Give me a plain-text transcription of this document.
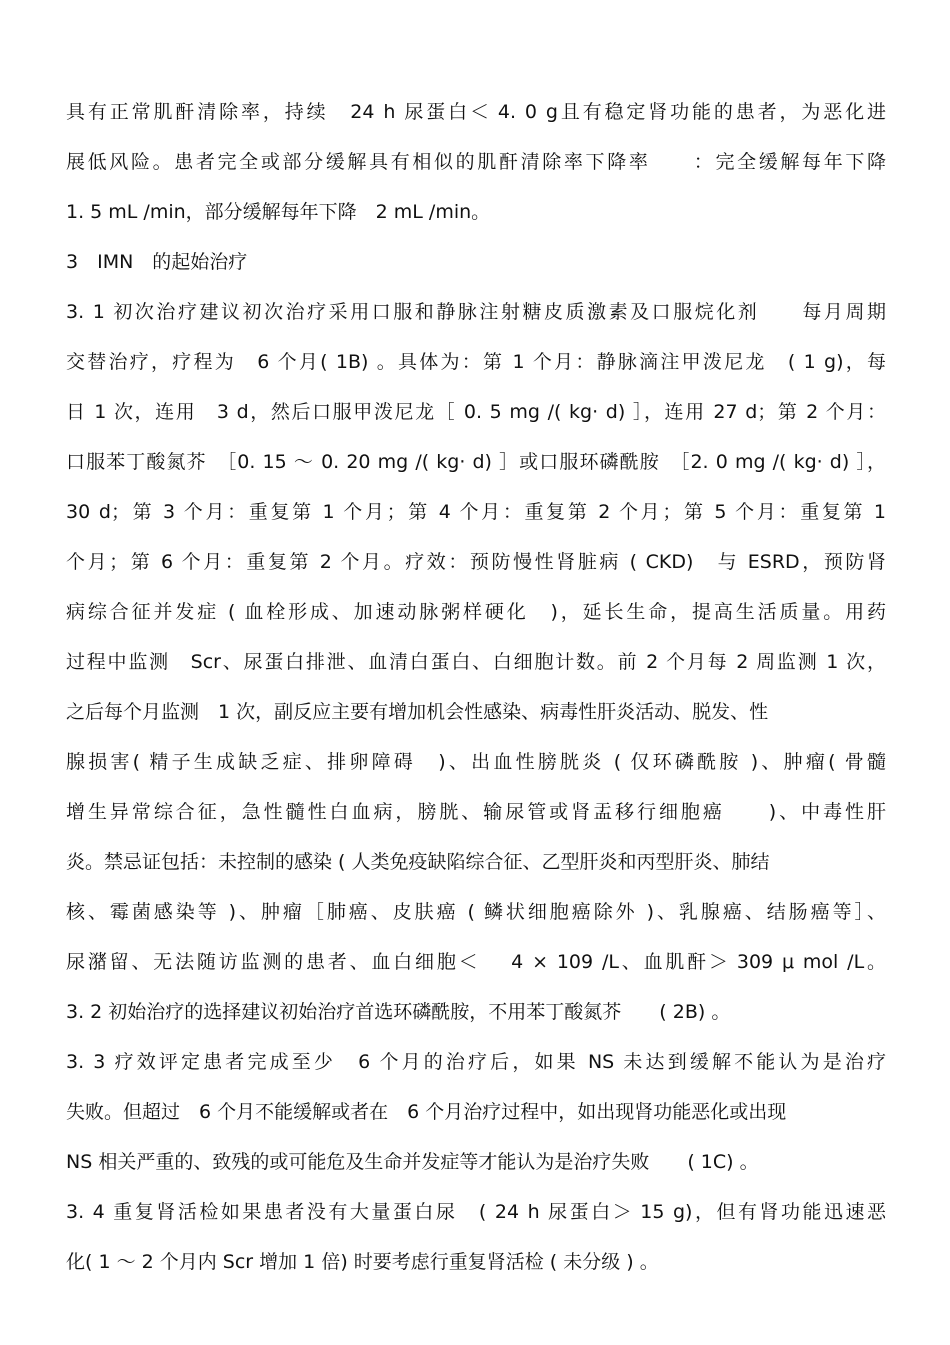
具有正常肌酐清除率，持续　24 h 尿蛋白＜ 4. 0 g且有稳定肾功能的患者，为恶化进
展低风险。患者完全或部分缓解具有相似的肌酐清除率下降率　　：完全缓解每年下降
1. 5 mL /min，部分缓解每年下降　2 mL /min。
3　IMN　的起始治疗
3. 1 初次治疗建议初次治疗采用口服和静脉注射糖皮质激素及口服烷化剂　　每月周期
交替治疗，疗程为　6 个月( 1B) 。具体为：第 1 个月：静脉滴注甲泼尼龙　( 1 g)，每
日 1 次，连用　3 d，然后口服甲泼尼龙［ 0. 5 mg /( kg· d) ］，连用 27 d；第 2 个月：
口服苯丁酸氮芥　［0. 15 ～ 0. 20 mg /( kg· d) ］或口服环磷酰胺　［2. 0 mg /( kg· d) ］，
30 d；第 3 个月：重复第 1 个月；第 4 个月：重复第 2 个月；第 5 个月：重复第 1
个月；第 6 个月：重复第 2 个月。疗效：预防慢性肾脏病 ( CKD)　与 ESRD，预防肾
病综合征并发症 ( 血栓形成、加速动脉粥样硬化　)，延长生命，提高生活质量。用药
过程中监测　Scr、尿蛋白排泄、血清白蛋白、白细胞计数。前 2 个月每 2 周监测 1 次，
之后每个月监测　1 次，副反应主要有增加机会性感染、病毒性肝炎活动、脱发、性
腺损害( 精子生成缺乏症、排卵障碍　)、出血性膀胱炎 ( 仅环磷酰胺 )、肿瘤( 骨髓
增生异常综合征，急性髓性白血病，膀胱、输尿管或肾盂移行细胞癌　　)、中毒性肝
炎。禁忌证包括：未控制的感染 ( 人类免疫缺陷综合征、乙型肝炎和丙型肝炎、肺结
核、霉菌感染等 )、肿瘤［肺癌、皮肤癌 ( 鳞状细胞癌除外 )、乳腺癌、结肠癌等］、
尿潴留、无法随访监测的患者、血白细胞＜　 4 × 109 /L、血肌酐＞ 309 μ mol /L。
3. 2 初始治疗的选择建议初始治疗首选环磷酰胺，不用苯丁酸氮芥　　( 2B) 。
3. 3 疗效评定患者完成至少　6 个月的治疗后，如果 NS 未达到缓解不能认为是治疗
失败。但超过　6 个月不能缓解或者在　6 个月治疗过程中，如出现肾功能恶化或出现
NS 相关严重的、致残的或可能危及生命并发症等才能认为是治疗失败　　( 1C) 。
3. 4 重复肾活检如果患者没有大量蛋白尿　( 24 h 尿蛋白＞ 15 g)，但有肾功能迅速恶
化( 1 ～ 2 个月内 Scr 增加 1 倍) 时要考虑行重复肾活检 ( 未分级 ) 。
